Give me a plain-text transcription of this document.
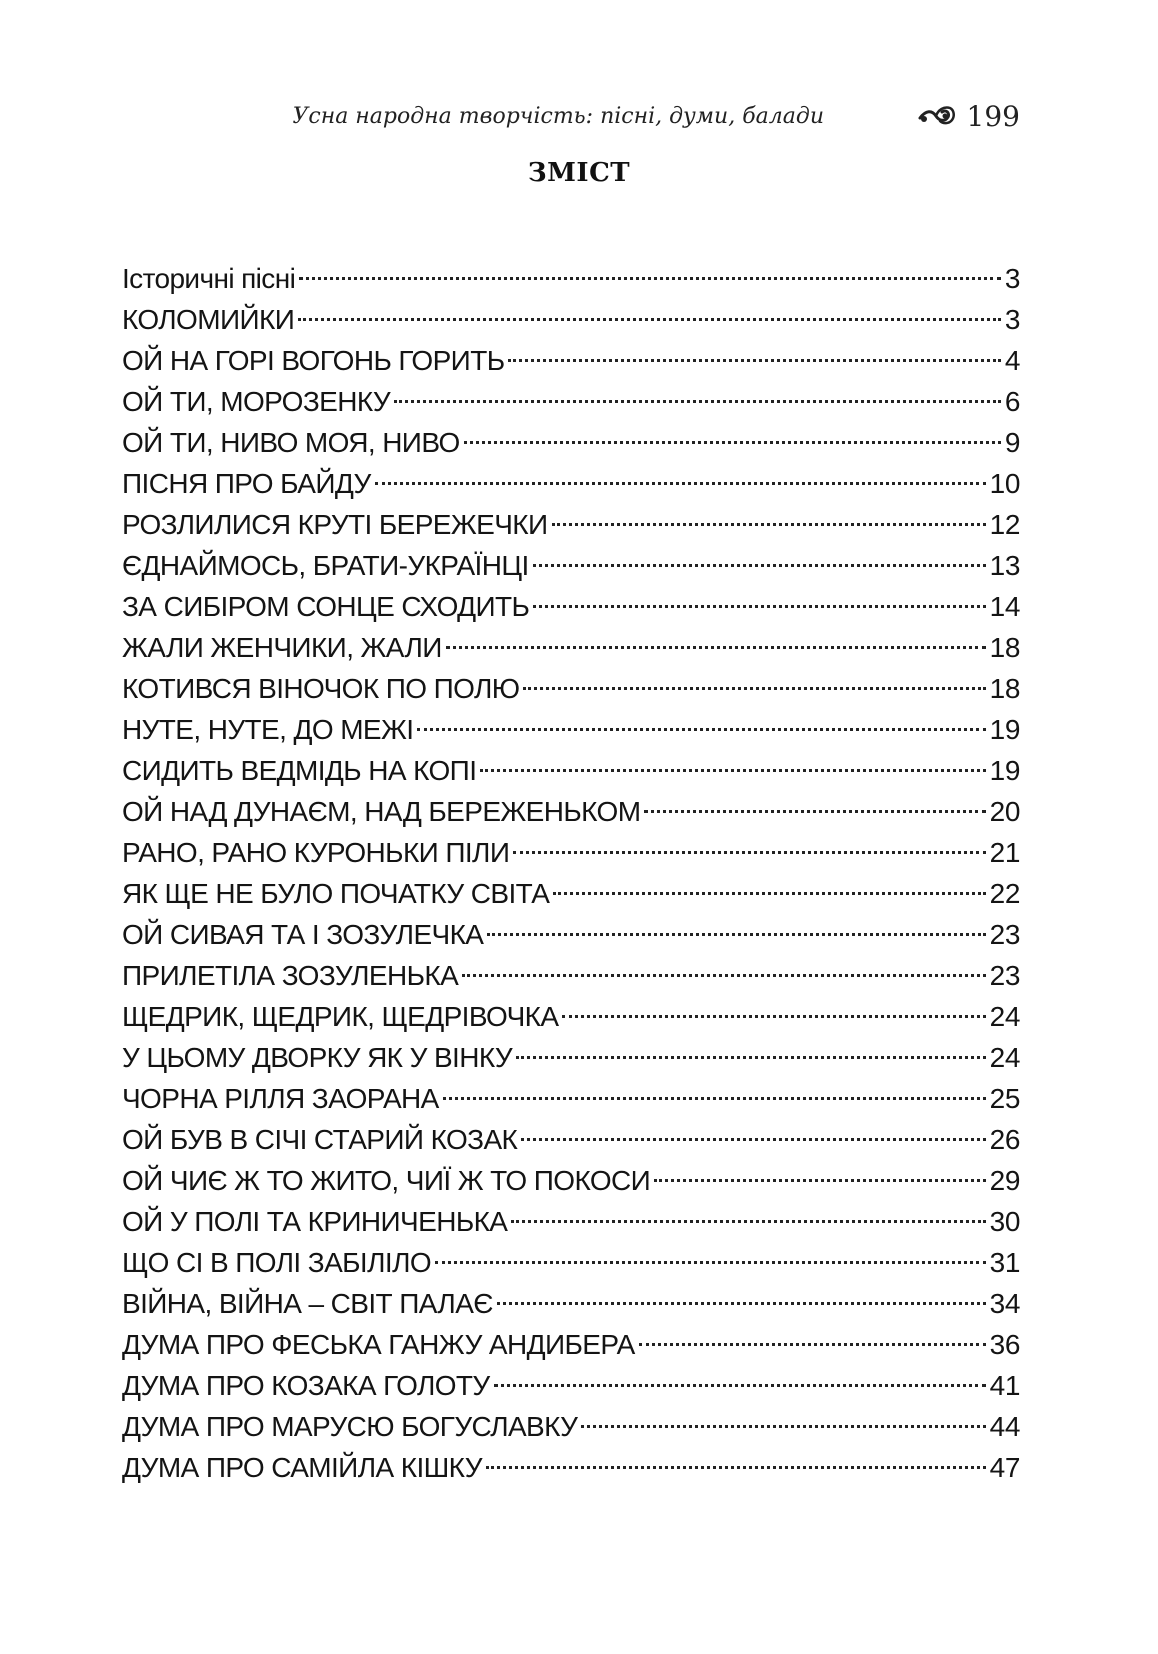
Усна народна творчість: пісні, думи, балади	199
ЗМІСТ
Історичні пісні	3
КОЛОМИЙКИ	3
ОЙ НА ГОРІ ВОГОНЬ ГОРИТЬ	4
ОЙ ТИ, МОРОЗЕНКУ	6
ОЙ ТИ, НИВО МОЯ, НИВО	9
ПІСНЯ ПРО БАЙДУ	10
РОЗЛИЛИСЯ КРУТІ БЕРЕЖЕЧКИ	12
ЄДНАЙМОСЬ, БРАТИ-УКРАЇНЦІ	13
ЗА СИБІРОМ СОНЦЕ СХОДИТЬ	14
ЖАЛИ ЖЕНЧИКИ, ЖАЛИ	18
КОТИВСЯ ВІНОЧОК ПО ПОЛЮ	18
НУТЕ, НУТЕ, ДО МЕЖІ	19
СИДИТЬ ВЕДМІДЬ НА КОПІ	19
ОЙ НАД ДУНАЄМ, НАД БЕРЕЖЕНЬКОМ	20
РАНО, РАНО КУРОНЬКИ ПІЛИ	21
ЯК ЩЕ НЕ БУЛО ПОЧАТКУ СВІТА	22
ОЙ СИВАЯ ТА І ЗОЗУЛЕЧКА	23
ПРИЛЕТІЛА ЗОЗУЛЕНЬКА	23
ЩЕДРИК, ЩЕДРИК, ЩЕДРІВОЧКА	24
У ЦЬОМУ ДВОРКУ ЯК У ВІНКУ	24
ЧОРНА РІЛЛЯ ЗАОРАНА	25
ОЙ БУВ В СІЧІ СТАРИЙ КОЗАК	26
ОЙ ЧИЄ Ж ТО ЖИТО, ЧИЇ Ж ТО ПОКОСИ	29
ОЙ У ПОЛІ ТА КРИНИЧЕНЬКА	30
ЩО СІ В ПОЛІ ЗАБІЛІЛО	31
ВІЙНА, ВІЙНА – СВІТ ПАЛАЄ	34
ДУМА ПРО ФЕСЬКА ГАНЖУ АНДИБЕРА	36
ДУМА ПРО КОЗАКА ГОЛОТУ	41
ДУМА ПРО МАРУСЮ БОГУСЛАВКУ	44
ДУМА ПРО САМІЙЛА КІШКУ	47
